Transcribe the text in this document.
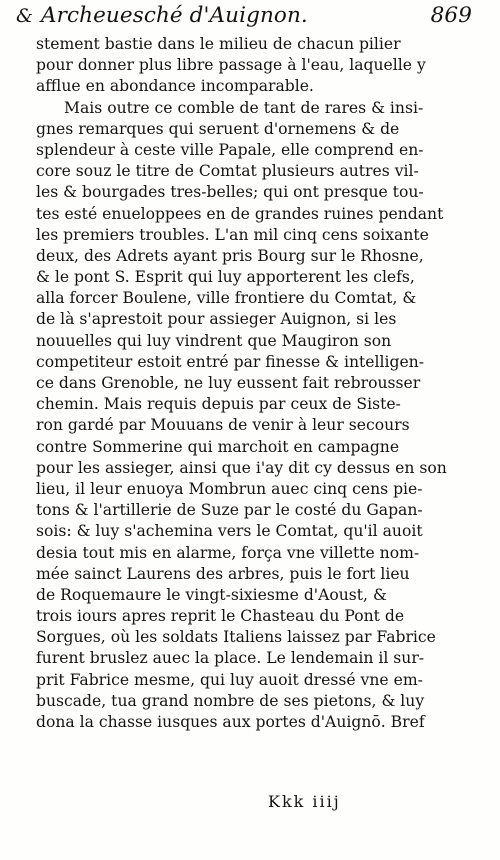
& Archeuesché d'Auignon.	869
stement bastie dans le milieu de chacun pilier
pour donner plus libre passage à l'eau, laquelle y
afflue en abondance incomparable.
Mais outre ce comble de tant de rares & insi-
gnes remarques qui seruent d'ornemens & de
splendeur à ceste ville Papale, elle comprend en-
core souz le titre de Comtat plusieurs autres vil-
les & bourgades tres-belles; qui ont presque tou-
tes esté enueloppees en de grandes ruines pendant
les premiers troubles. L'an mil cinq cens soixante
deux, des Adrets ayant pris Bourg sur le Rhosne,
& le pont S. Esprit qui luy apporterent les clefs,
alla forcer Boulene, ville frontiere du Comtat, &
de là s'aprestoit pour assieger Auignon, si les
nouuelles qui luy vindrent que Maugiron son
competiteur estoit entré par finesse & intelligen-
ce dans Grenoble, ne luy eussent fait rebrousser
chemin. Mais requis depuis par ceux de Siste-
ron gardé par Mouuans de venir à leur secours
contre Sommerine qui marchoit en campagne
pour les assieger, ainsi que i'ay dit cy dessus en son
lieu, il leur enuoya Mombrun auec cinq cens pie-
tons & l'artillerie de Suze par le costé du Gapan-
sois: & luy s'achemina vers le Comtat, qu'il auoit
desia tout mis en alarme, força vne villette nom-
mée sainct Laurens des arbres, puis le fort lieu
de Roquemaure le vingt-sixiesme d'Aoust, &
trois iours apres reprit le Chasteau du Pont de
Sorgues, où les soldats Italiens laissez par Fabrice
furent bruslez auec la place. Le lendemain il sur-
prit Fabrice mesme, qui luy auoit dressé vne em-
buscade, tua grand nombre de ses pietons, & luy
dona la chasse iusques aux portes d'Auignō. Bref
Kkk iiij
